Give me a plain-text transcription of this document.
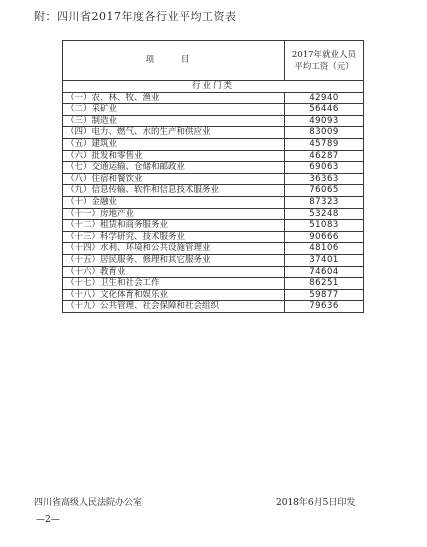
附：四川省2017年度各行业平均工资表
项 目	2017年就业人员平均工资（元）
行业门类	
（一）农、林、牧、渔业	42940
（二）采矿业	56446
（三）制造业	49093
（四）电力、燃气、水的生产和供应业	83009
（五）建筑业	45789
（六）批发和零售业	46287
（七）交通运输、仓储和邮政业	69063
（八）住宿和餐饮业	36363
（九）信息传输、软件和信息技术服务业	76065
（十）金融业	87323
（十一）房地产业	53248
（十二）租赁和商务服务业	51083
（十三）科学研究、技术服务业	90666
（十四）水利、环境和公共设施管理业	48106
（十五）居民服务、修理和其它服务业	37401
（十六）教育业	74604
（十七）卫生和社会工作	86251
（十八）文化体育和娱乐业	59877
（十九）公共管理、社会保障和社会组织	79636
四川省高级人民法院办公室	2018年6月5日印发
—2—
